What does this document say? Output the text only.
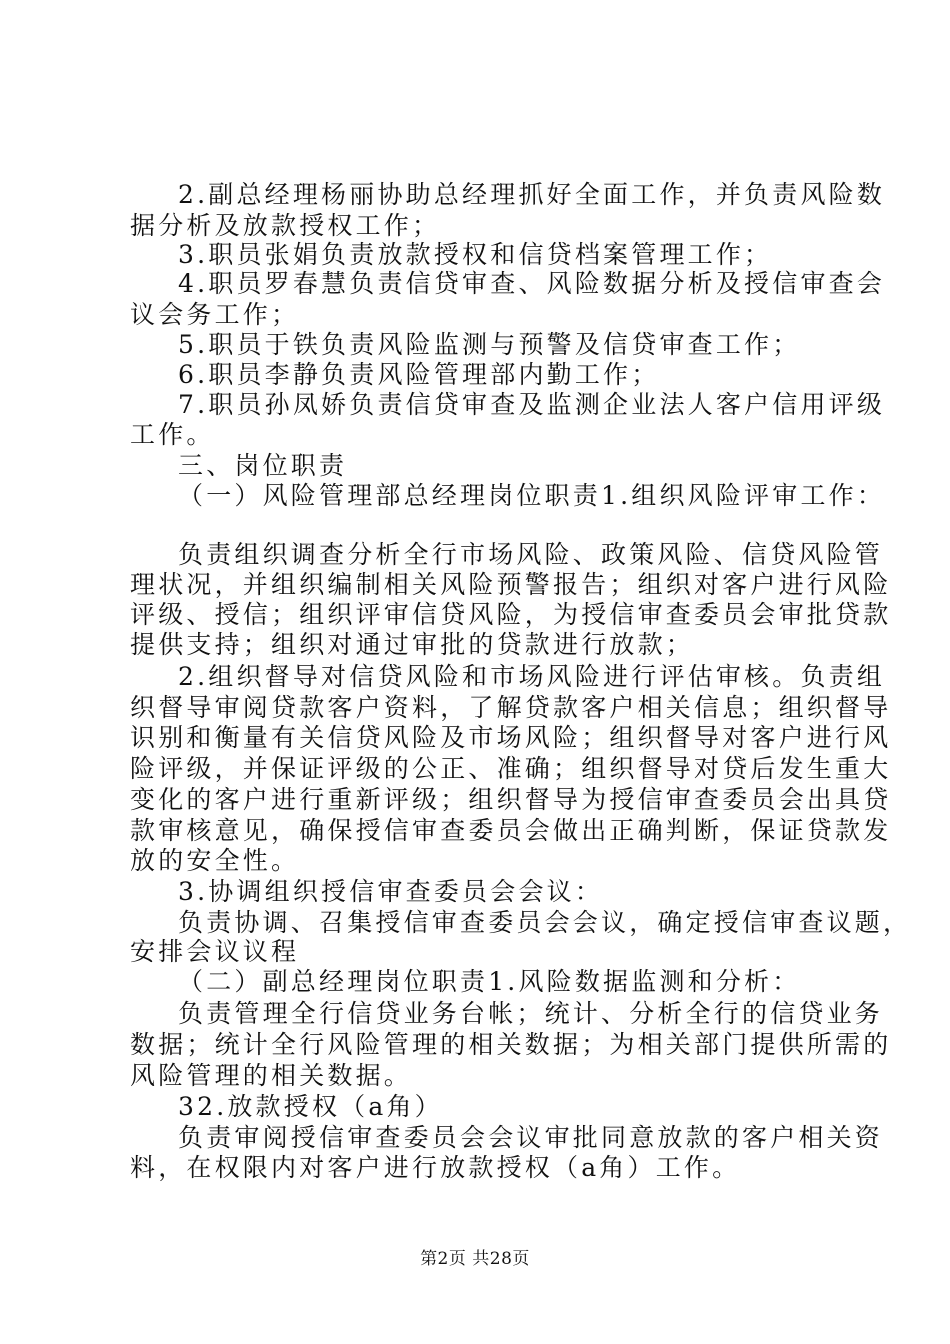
2.副总经理杨丽协助总经理抓好全面工作，并负责风险数
据分析及放款授权工作；
3.职员张娟负责放款授权和信贷档案管理工作；
4.职员罗春慧负责信贷审查、风险数据分析及授信审查会
议会务工作；
5.职员于铁负责风险监测与预警及信贷审查工作；
6.职员李静负责风险管理部内勤工作；
7.职员孙凤娇负责信贷审查及监测企业法人客户信用评级
工作。
三、岗位职责
（一）风险管理部总经理岗位职责1.组织风险评审工作：
负责组织调查分析全行市场风险、政策风险、信贷风险管
理状况，并组织编制相关风险预警报告；组织对客户进行风险
评级、授信；组织评审信贷风险，为授信审查委员会审批贷款
提供支持；组织对通过审批的贷款进行放款；
2.组织督导对信贷风险和市场风险进行评估审核。负责组
织督导审阅贷款客户资料，了解贷款客户相关信息；组织督导
识别和衡量有关信贷风险及市场风险；组织督导对客户进行风
险评级，并保证评级的公正、准确；组织督导对贷后发生重大
变化的客户进行重新评级；组织督导为授信审查委员会出具贷
款审核意见，确保授信审查委员会做出正确判断，保证贷款发
放的安全性。
3.协调组织授信审查委员会会议：
负责协调、召集授信审查委员会会议，确定授信审查议题，
安排会议议程
（二）副总经理岗位职责1.风险数据监测和分析：
负责管理全行信贷业务台帐；统计、分析全行的信贷业务
数据；统计全行风险管理的相关数据；为相关部门提供所需的
风险管理的相关数据。
32.放款授权（a角）
负责审阅授信审查委员会会议审批同意放款的客户相关资
料，在权限内对客户进行放款授权（a角）工作。
第2页 共28页
